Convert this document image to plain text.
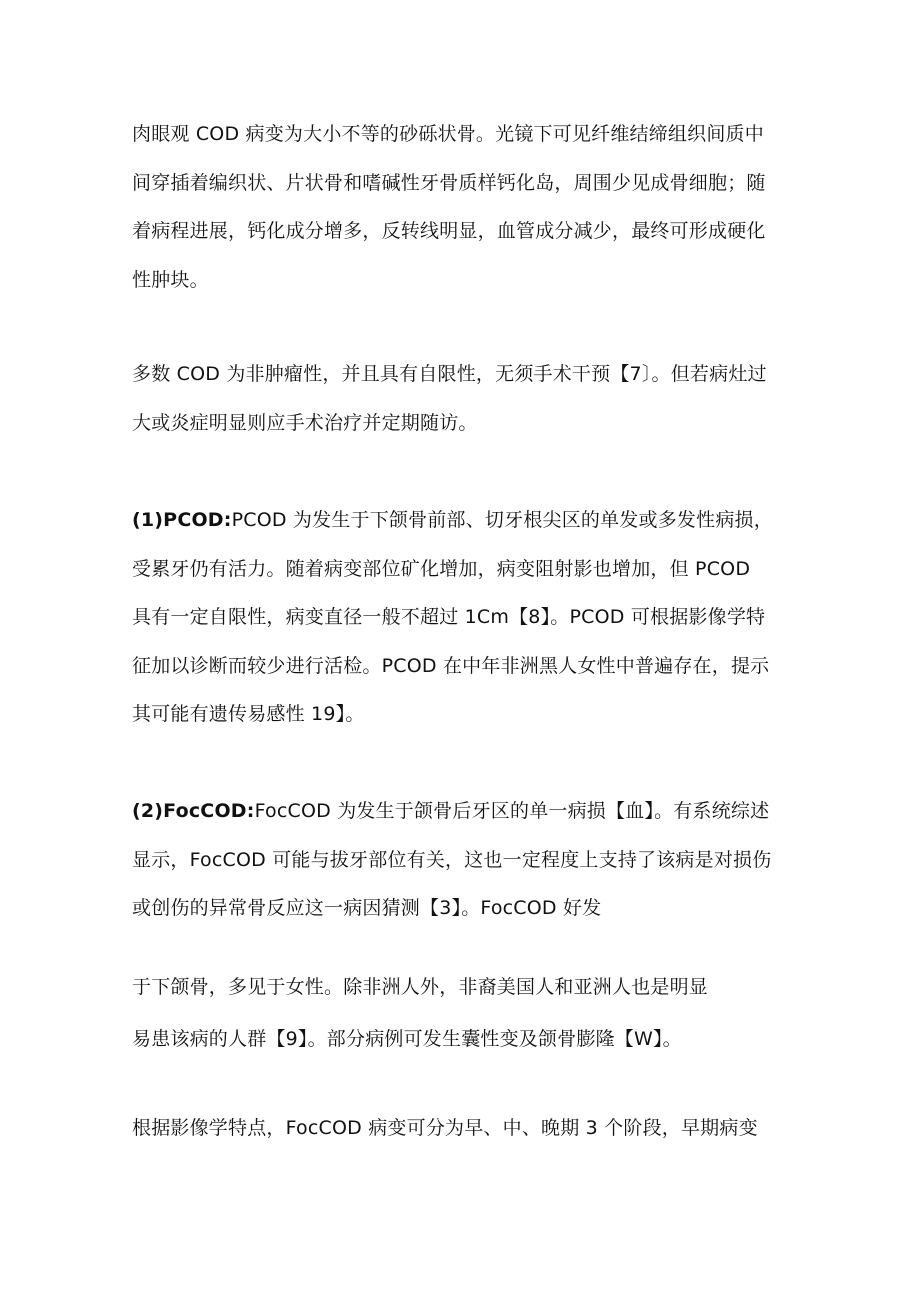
肉眼观 COD 病变为大小不等的砂砾状骨。光镜下可见纤维结缔组织间质中
间穿插着编织状、片状骨和嗜碱性牙骨质样钙化岛，周围少见成骨细胞；随
着病程进展，钙化成分增多，反转线明显，血管成分减少，最终可形成硬化
性肿块。

多数 COD 为非肿瘤性，并且具有自限性，无须手术干预【7〕。但若病灶过
大或炎症明显则应手术治疗并定期随访。

(1)PCOD:PCOD 为发生于下颌骨前部、切牙根尖区的单发或多发性病损，
受累牙仍有活力。随着病变部位矿化增加，病变阻射影也增加，但 PCOD
具有一定自限性，病变直径一般不超过 1Cm【8】。PCOD 可根据影像学特
征加以诊断而较少进行活检。PCOD 在中年非洲黑人女性中普遍存在，提示
其可能有遗传易感性 19】。

(2)FocCOD:FocCOD 为发生于颌骨后牙区的单一病损【血】。有系统综述
显示，FocCOD 可能与拔牙部位有关，这也一定程度上支持了该病是对损伤
或创伤的异常骨反应这一病因猜测【3】。FocCOD 好发

于下颌骨，多见于女性。除非洲人外，非裔美国人和亚洲人也是明显
易患该病的人群【9】。部分病例可发生囊性变及颌骨膨隆【W】。

根据影像学特点，FocCOD 病变可分为早、中、晚期 3 个阶段，早期病变
